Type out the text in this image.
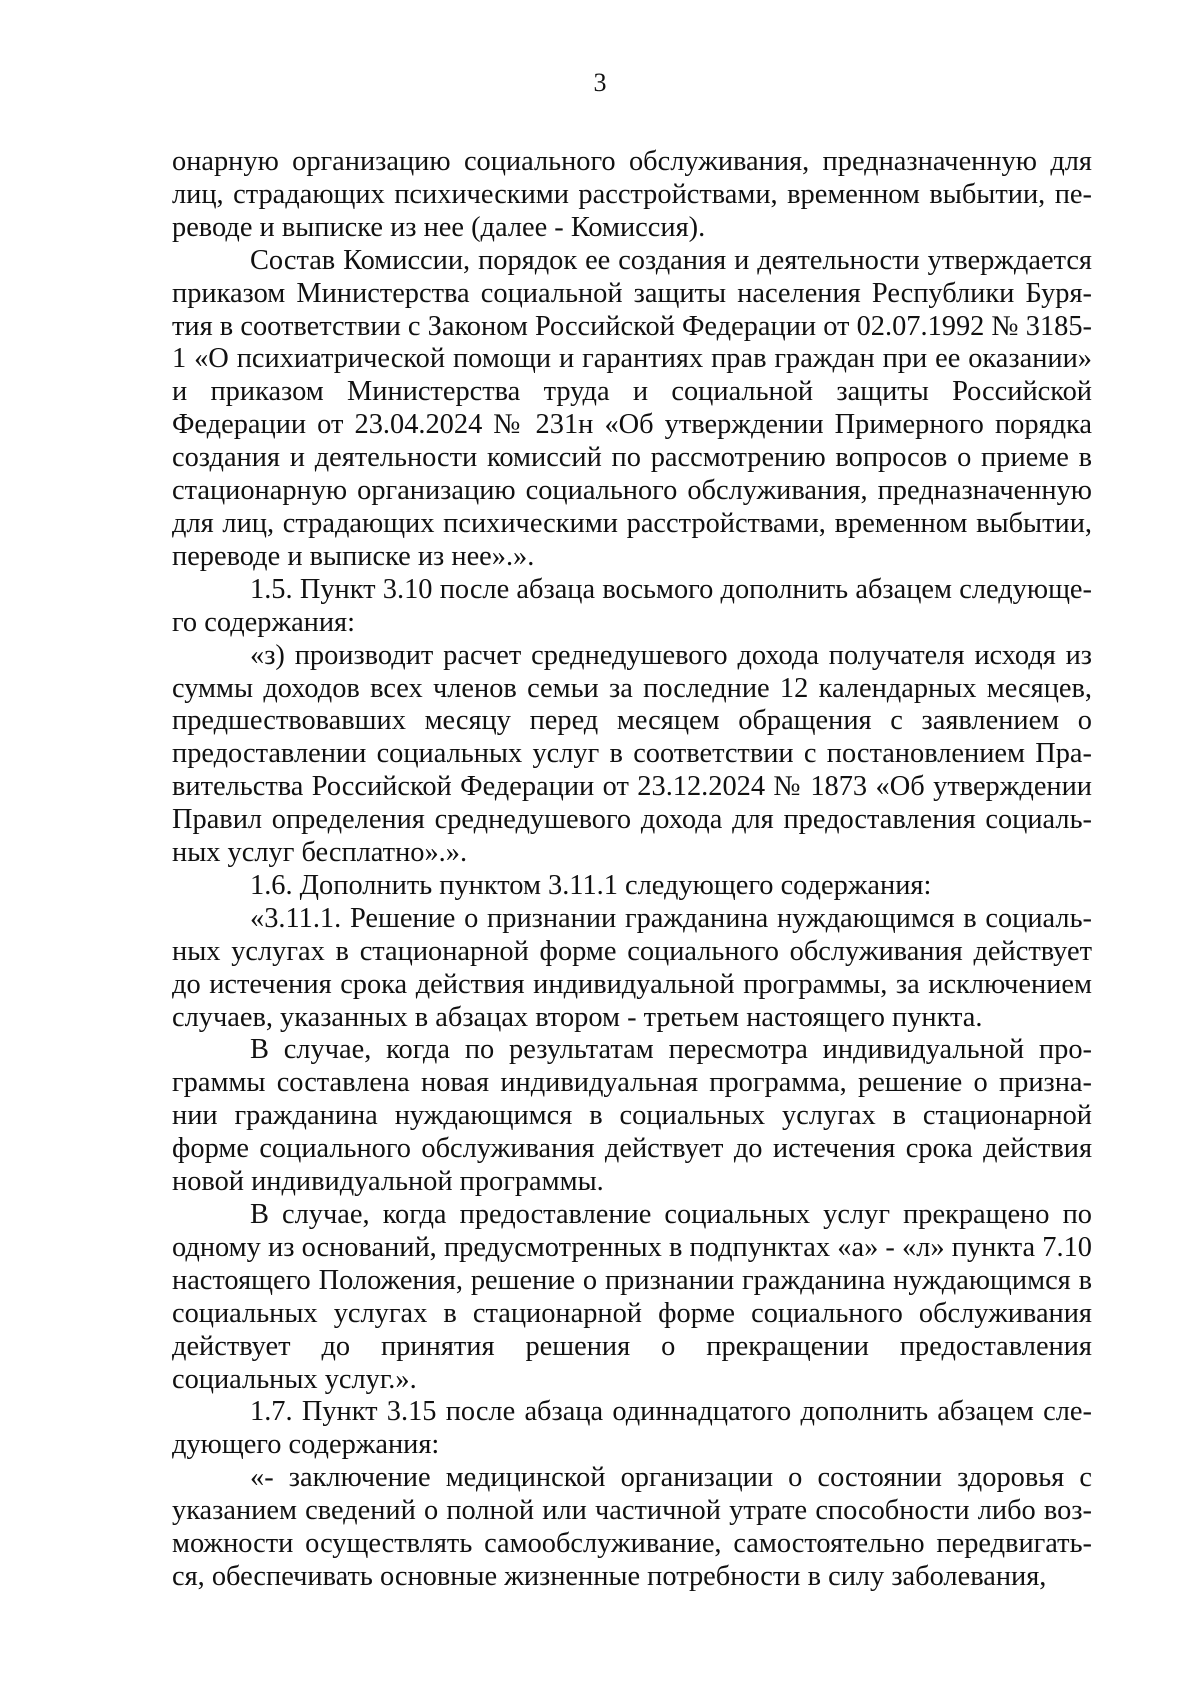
3

онарную организацию социального обслуживания, предназначенную для лиц, страдающих психическими расстройствами, временном выбытии, переводе и выписке из нее (далее - Комиссия).

Состав Комиссии, порядок ее создания и деятельности утверждается приказом Министерства социальной защиты населения Республики Бурятия в соответствии с Законом Российской Федерации от 02.07.1992 № 3185-1 «О психиатрической помощи и гарантиях прав граждан при ее оказании» и приказом Министерства труда и социальной защиты Российской Федерации от 23.04.2024 № 231н «Об утверждении Примерного порядка создания и деятельности комиссий по рассмотрению вопросов о приеме в стационарную организацию социального обслуживания, предназначенную для лиц, страдающих психическими расстройствами, временном выбытии, переводе и выписке из нее».».

1.5. Пункт 3.10 после абзаца восьмого дополнить абзацем следующего содержания:

«з) производит расчет среднедушевого дохода получателя исходя из суммы доходов всех членов семьи за последние 12 календарных месяцев, предшествовавших месяцу перед месяцем обращения с заявлением о предоставлении социальных услуг в соответствии с постановлением Правительства Российской Федерации от 23.12.2024 № 1873 «Об утверждении Правил определения среднедушевого дохода для предоставления социальных услуг бесплатно».».

1.6. Дополнить пунктом 3.11.1 следующего содержания:

«3.11.1. Решение о признании гражданина нуждающимся в социальных услугах в стационарной форме социального обслуживания действует до истечения срока действия индивидуальной программы, за исключением случаев, указанных в абзацах втором - третьем настоящего пункта.

В случае, когда по результатам пересмотра индивидуальной программы составлена новая индивидуальная программа, решение о признании гражданина нуждающимся в социальных услугах в стационарной форме социального обслуживания действует до истечения срока действия новой индивидуальной программы.

В случае, когда предоставление социальных услуг прекращено по одному из оснований, предусмотренных в подпунктах «а» - «л» пункта 7.10 настоящего Положения, решение о признании гражданина нуждающимся в социальных услугах в стационарной форме социального обслуживания действует до принятия решения о прекращении предоставления социальных услуг.».

1.7. Пункт 3.15 после абзаца одиннадцатого дополнить абзацем следующего содержания:

«- заключение медицинской организации о состоянии здоровья с указанием сведений о полной или частичной утрате способности либо возможности осуществлять самообслуживание, самостоятельно передвигаться, обеспечивать основные жизненные потребности в силу заболевания,
